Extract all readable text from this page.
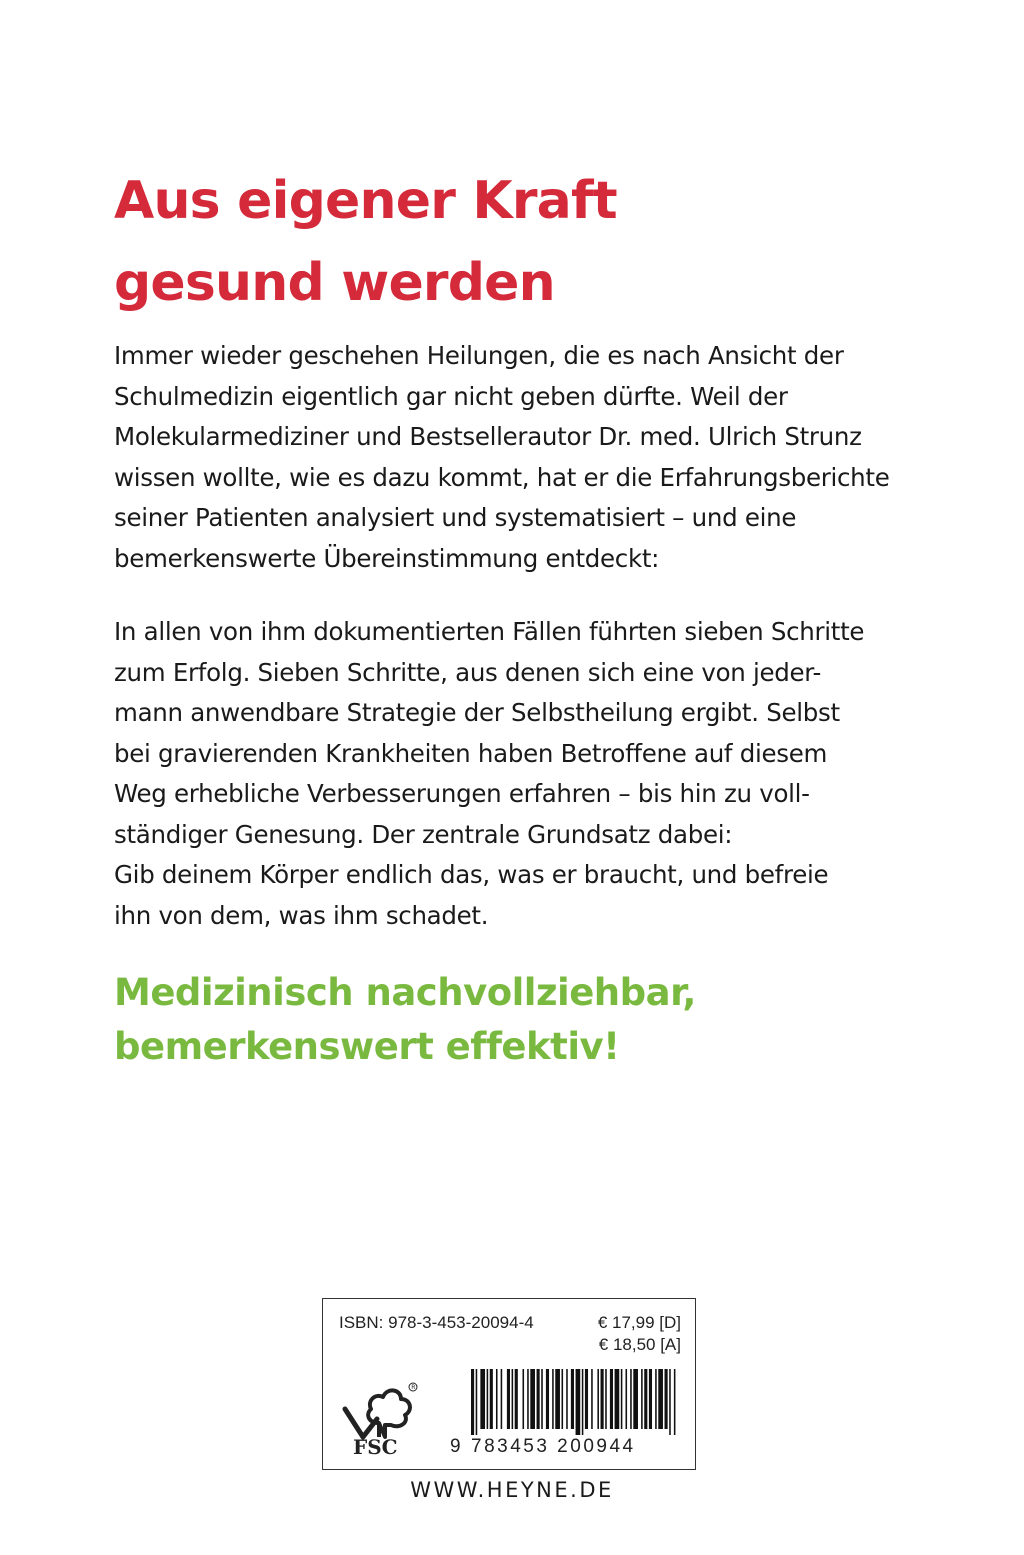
Aus eigener Kraft
gesund werden
Immer wieder geschehen Heilungen, die es nach Ansicht der
Schulmedizin eigentlich gar nicht geben dürfte. Weil der
Molekularmediziner und Bestsellerautor Dr. med. Ulrich Strunz
wissen wollte, wie es dazu kommt, hat er die Erfahrungsberichte
seiner Patienten analysiert und systematisiert – und eine
bemerkenswerte Übereinstimmung entdeckt:
In allen von ihm dokumentierten Fällen führten sieben Schritte
zum Erfolg. Sieben Schritte, aus denen sich eine von jeder-
mann anwendbare Strategie der Selbstheilung ergibt. Selbst
bei gravierenden Krankheiten haben Betroffene auf diesem
Weg erhebliche Verbesserungen erfahren – bis hin zu voll-
ständiger Genesung. Der zentrale Grundsatz dabei:
Gib deinem Körper endlich das, was er braucht, und befreie
ihn von dem, was ihm schadet.
Medizinisch nachvollziehbar,
bemerkenswert effektiv!
ISBN: 978-3-453-20094-4	€ 17,99 [D]
€ 18,50 [A]
R
FSC	9 783453 200944
WWW.HEYNE.DE
